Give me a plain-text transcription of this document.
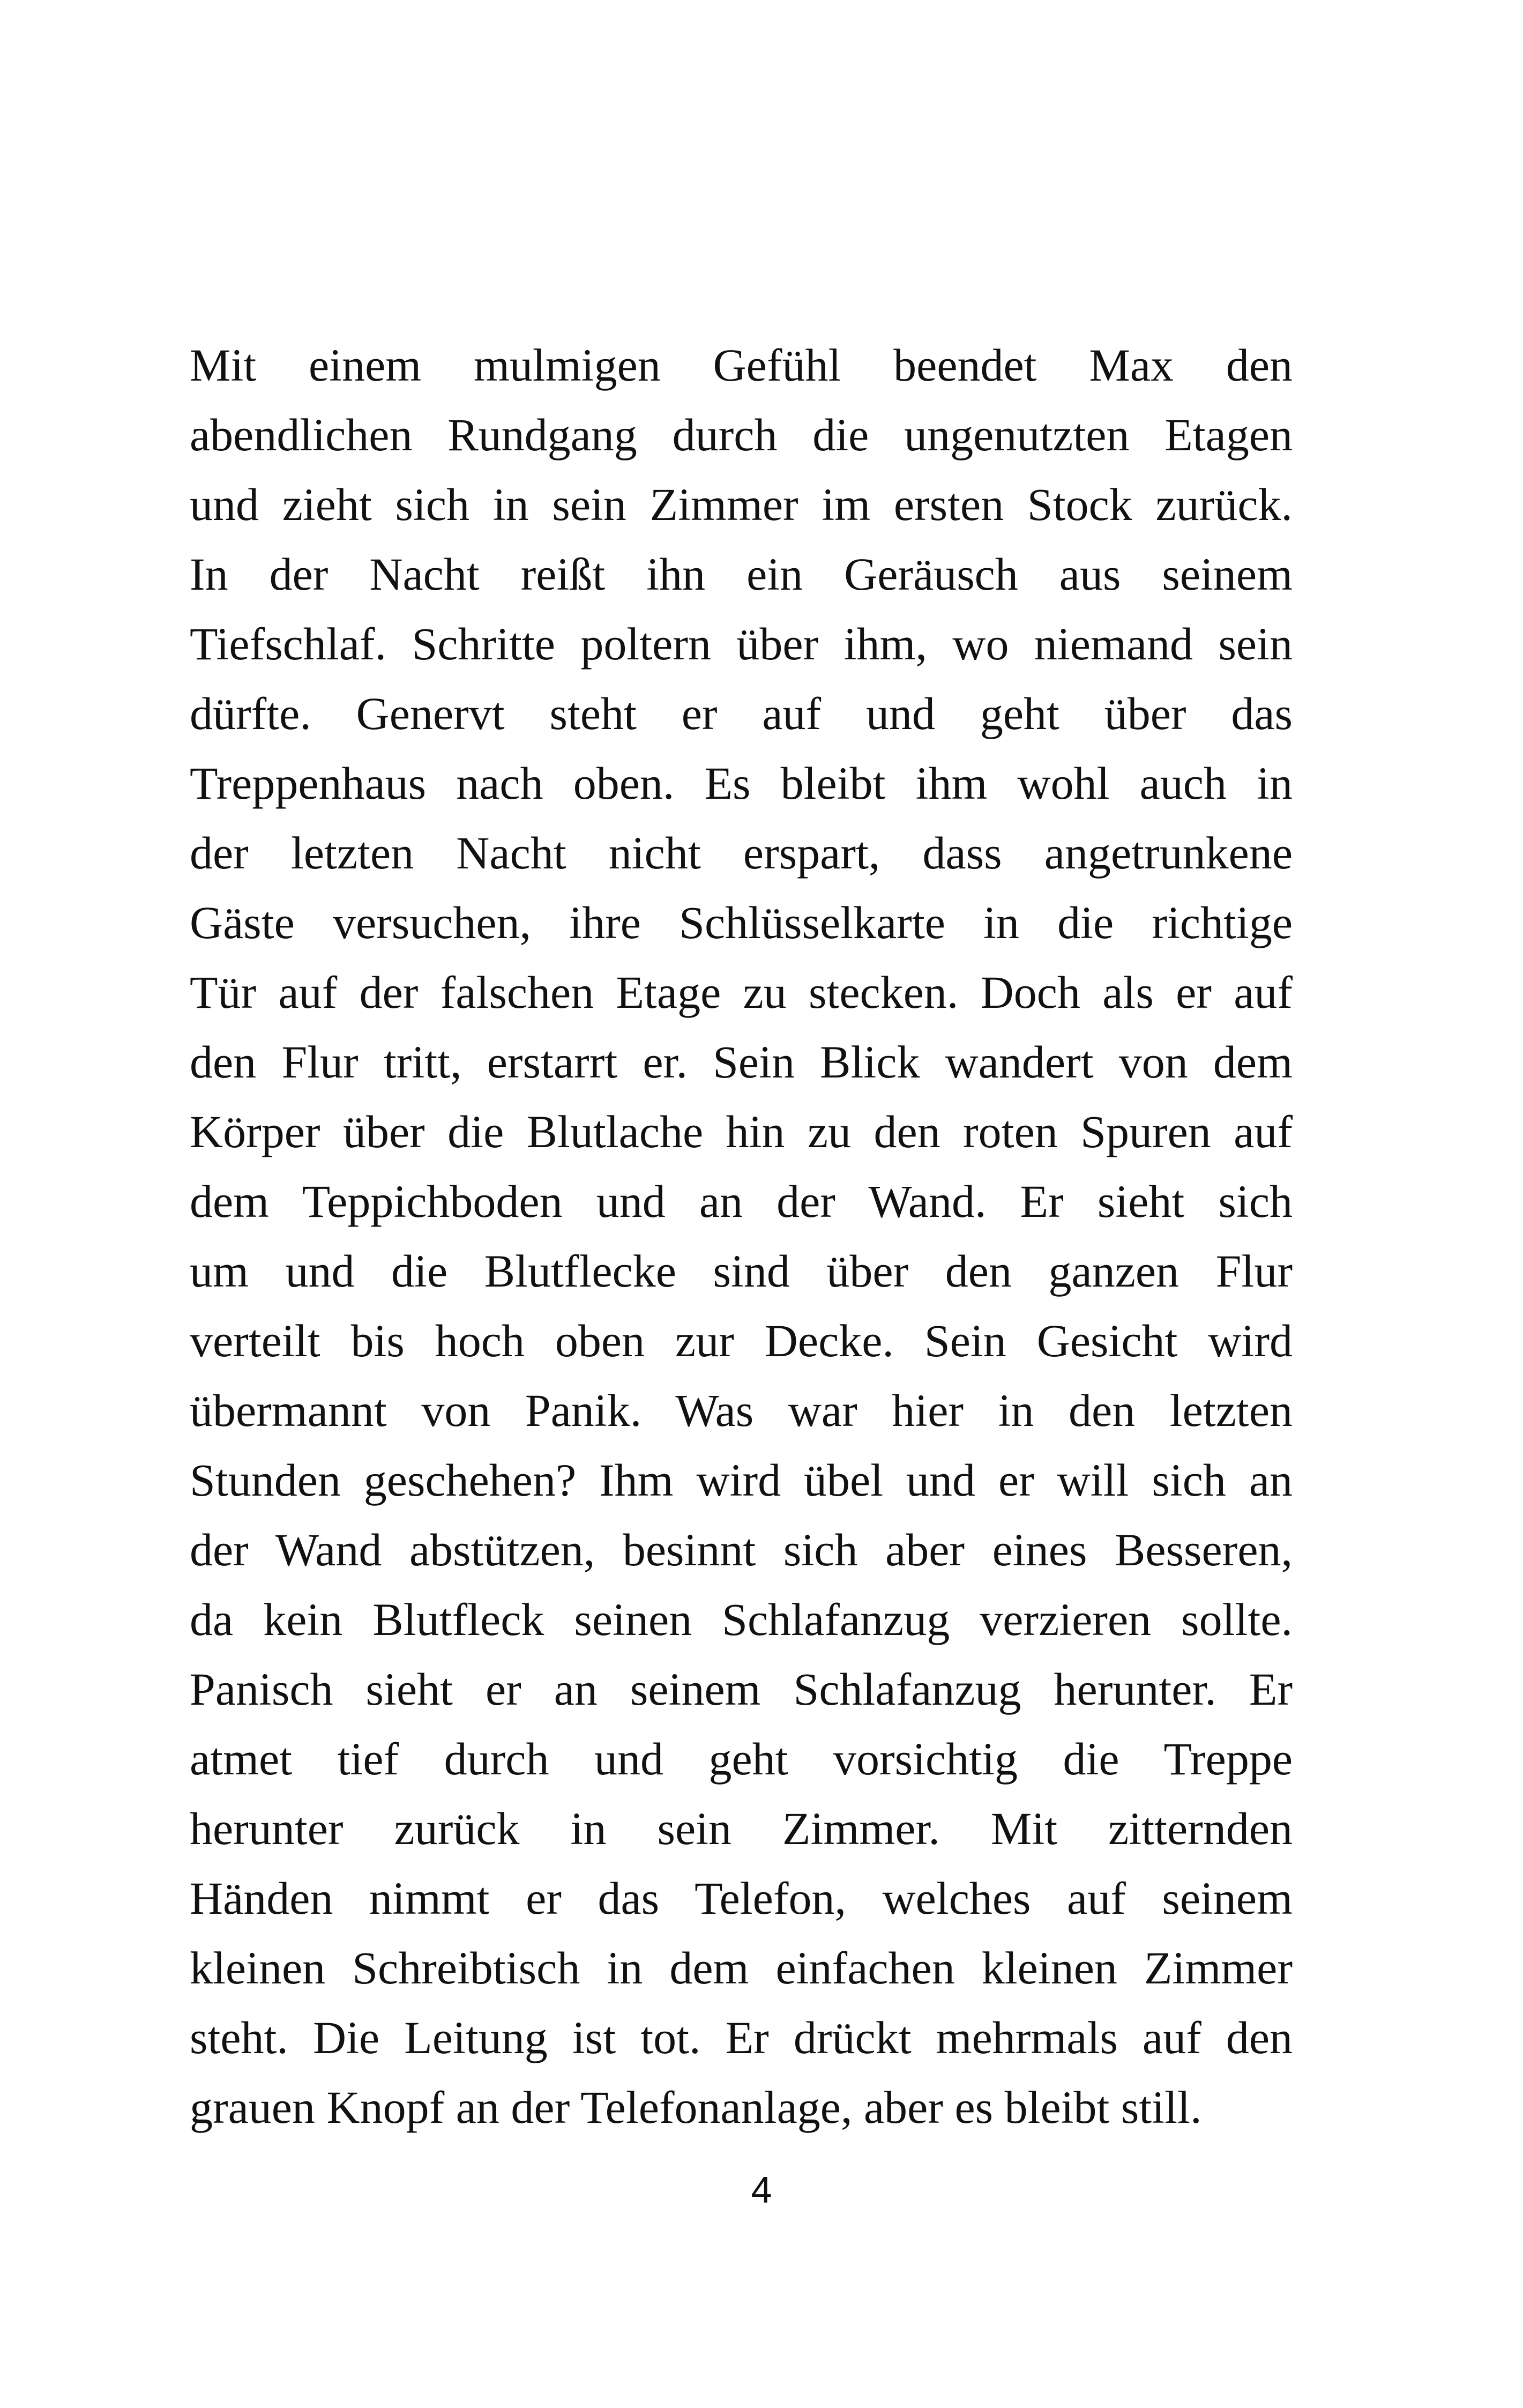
Mit einem mulmigen Gefühl beendet Max den
abendlichen Rundgang durch die ungenutzten Etagen
und zieht sich in sein Zimmer im ersten Stock zurück.
In der Nacht reißt ihn ein Geräusch aus seinem
Tiefschlaf. Schritte poltern über ihm, wo niemand sein
dürfte. Genervt steht er auf und geht über das
Treppenhaus nach oben. Es bleibt ihm wohl auch in
der letzten Nacht nicht erspart, dass angetrunkene
Gäste versuchen, ihre Schlüsselkarte in die richtige
Tür auf der falschen Etage zu stecken. Doch als er auf
den Flur tritt, erstarrt er. Sein Blick wandert von dem
Körper über die Blutlache hin zu den roten Spuren auf
dem Teppichboden und an der Wand. Er sieht sich
um und die Blutflecke sind über den ganzen Flur
verteilt bis hoch oben zur Decke. Sein Gesicht wird
übermannt von Panik. Was war hier in den letzten
Stunden geschehen? Ihm wird übel und er will sich an
der Wand abstützen, besinnt sich aber eines Besseren,
da kein Blutfleck seinen Schlafanzug verzieren sollte.
Panisch sieht er an seinem Schlafanzug herunter. Er
atmet tief durch und geht vorsichtig die Treppe
herunter zurück in sein Zimmer. Mit zitternden
Händen nimmt er das Telefon, welches auf seinem
kleinen Schreibtisch in dem einfachen kleinen Zimmer
steht. Die Leitung ist tot. Er drückt mehrmals auf den
grauen Knopf an der Telefonanlage, aber es bleibt still.
4
